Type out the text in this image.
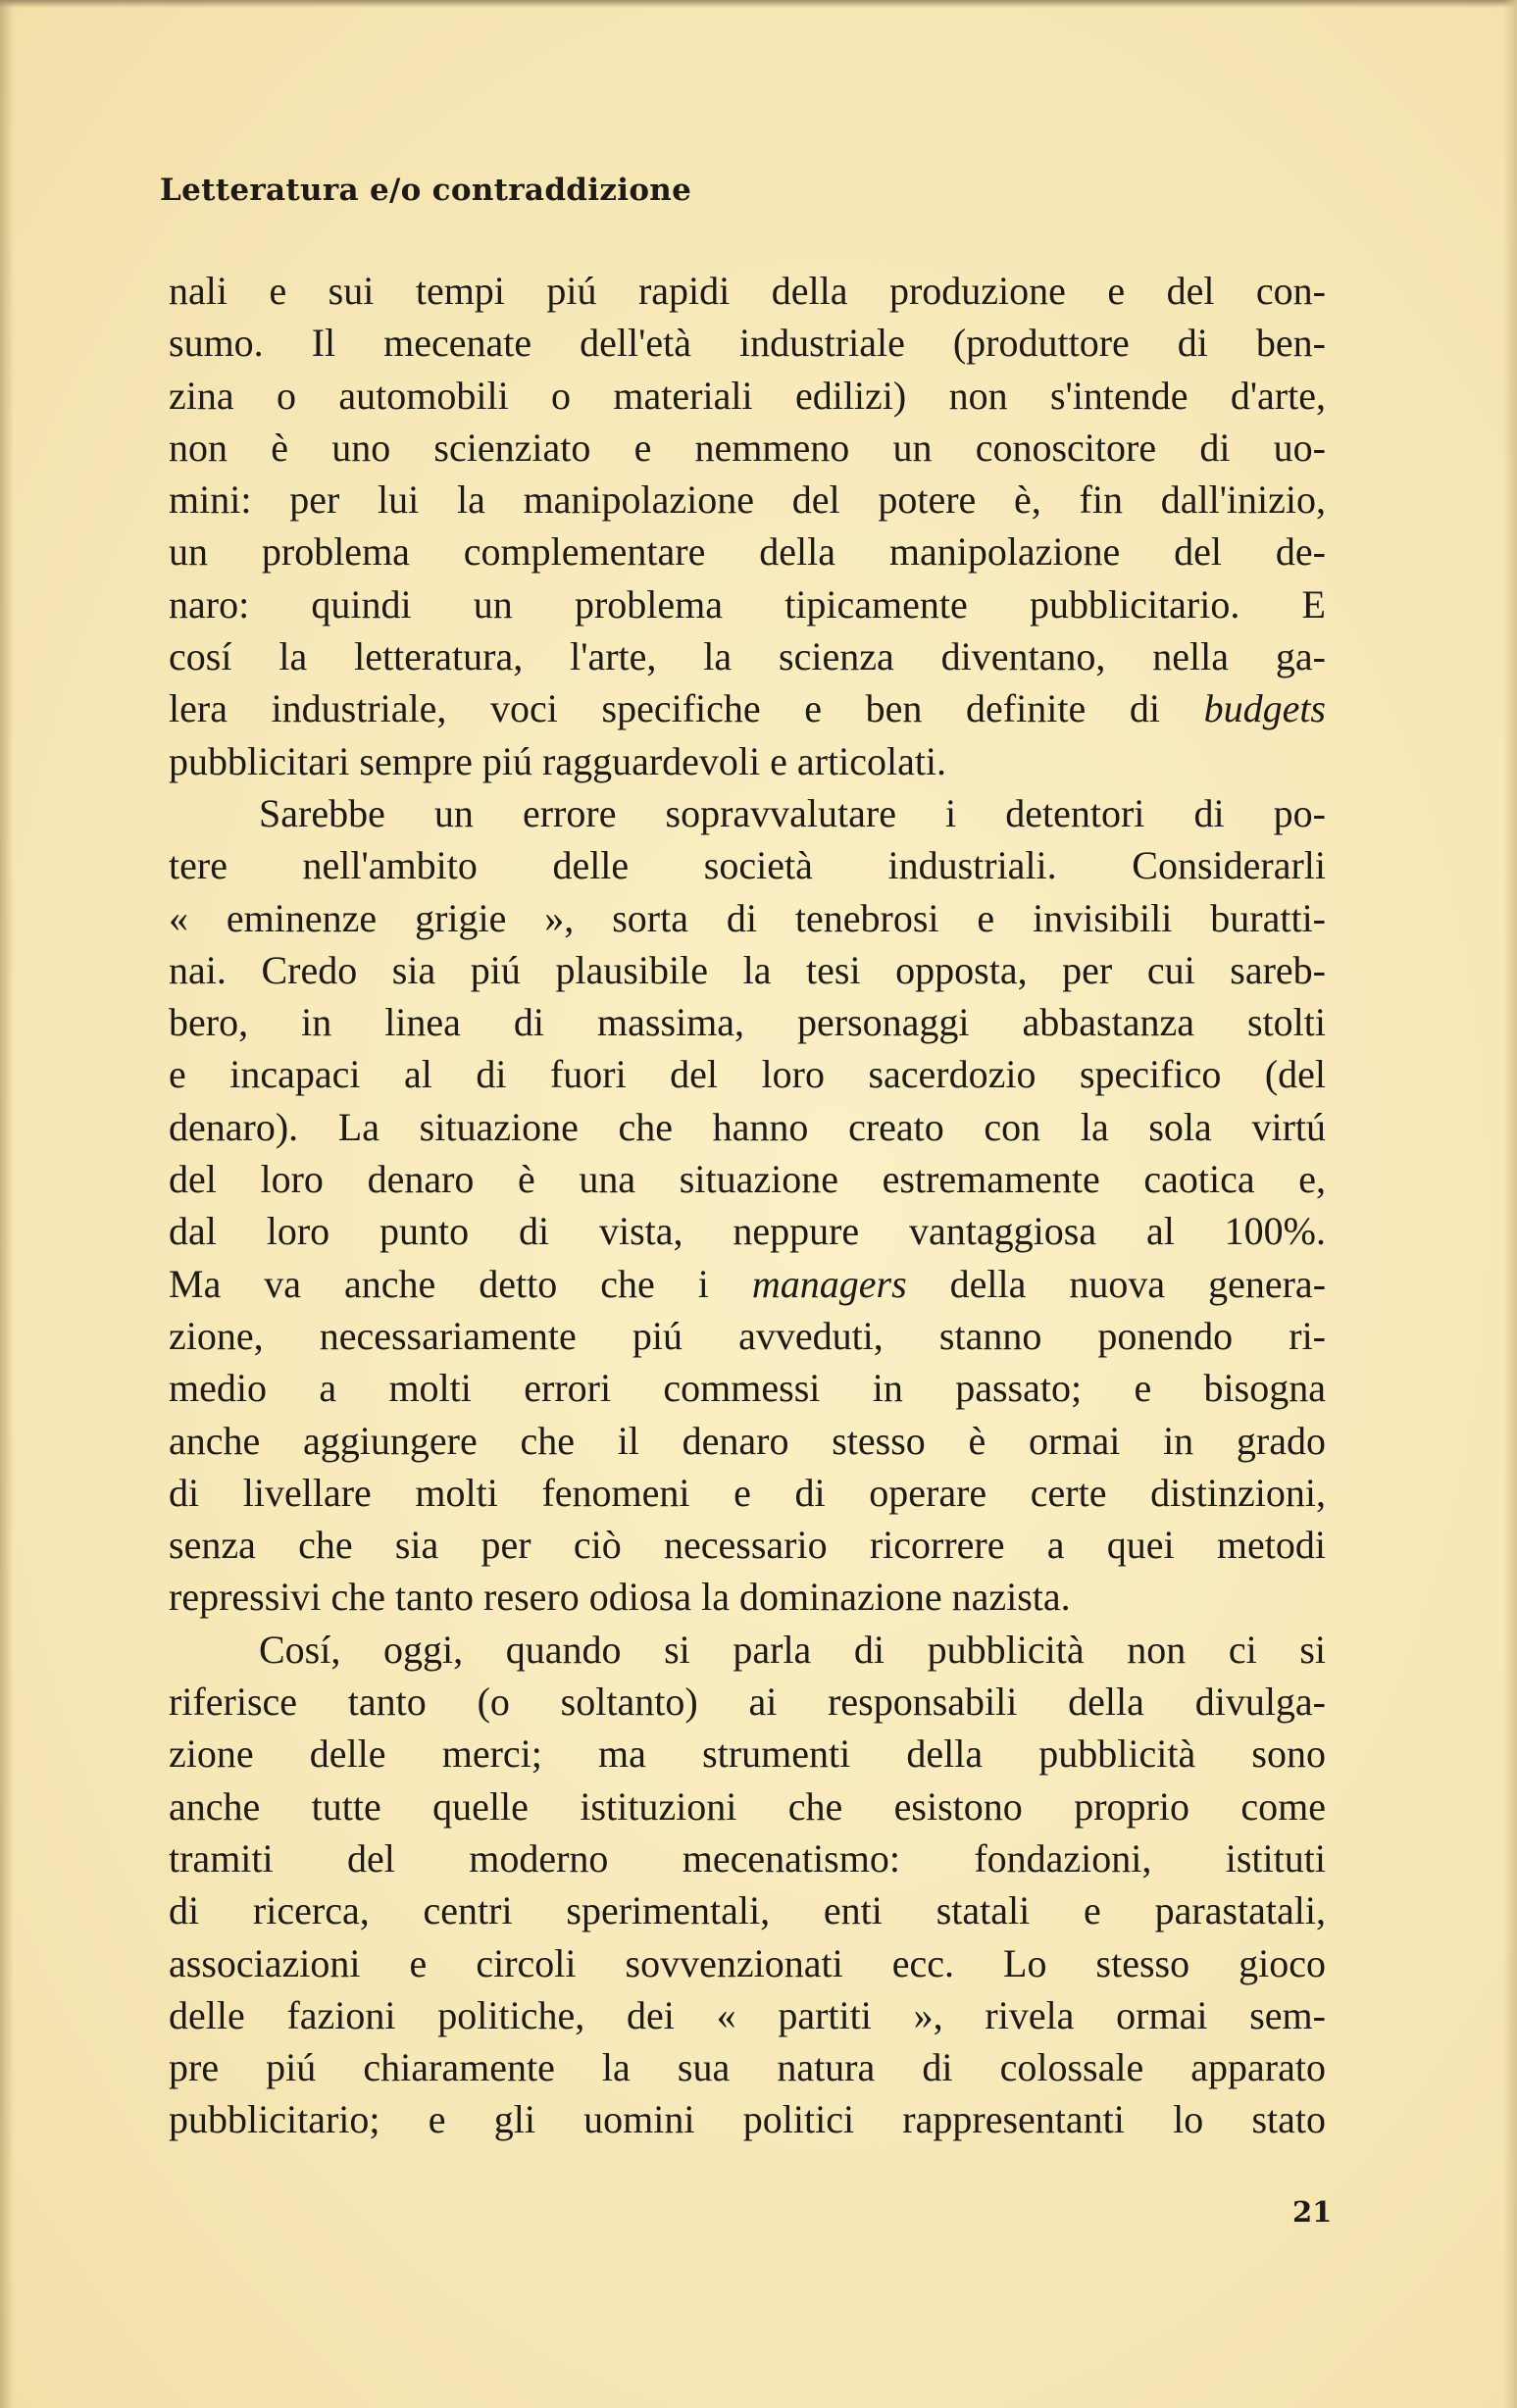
Letteratura e/o contraddizione
nali e sui tempi piú rapidi della produzione e del con-
sumo. Il mecenate dell'età industriale (produttore di ben-
zina o automobili o materiali edilizi) non s'intende d'arte,
non è uno scienziato e nemmeno un conoscitore di uo-
mini: per lui la manipolazione del potere è, fin dall'inizio,
un problema complementare della manipolazione del de-
naro: quindi un problema tipicamente pubblicitario. E
cosí la letteratura, l'arte, la scienza diventano, nella ga-
lera industriale, voci specifiche e ben definite di budgets
pubblicitari sempre piú ragguardevoli e articolati.
Sarebbe un errore sopravvalutare i detentori di po-
tere nell'ambito delle società industriali. Considerarli
« eminenze grigie », sorta di tenebrosi e invisibili buratti-
nai. Credo sia piú plausibile la tesi opposta, per cui sareb-
bero, in linea di massima, personaggi abbastanza stolti
e incapaci al di fuori del loro sacerdozio specifico (del
denaro). La situazione che hanno creato con la sola virtú
del loro denaro è una situazione estremamente caotica e,
dal loro punto di vista, neppure vantaggiosa al 100%.
Ma va anche detto che i managers della nuova genera-
zione, necessariamente piú avveduti, stanno ponendo ri-
medio a molti errori commessi in passato; e bisogna
anche aggiungere che il denaro stesso è ormai in grado
di livellare molti fenomeni e di operare certe distinzioni,
senza che sia per ciò necessario ricorrere a quei metodi
repressivi che tanto resero odiosa la dominazione nazista.
Cosí, oggi, quando si parla di pubblicità non ci si
riferisce tanto (o soltanto) ai responsabili della divulga-
zione delle merci; ma strumenti della pubblicità sono
anche tutte quelle istituzioni che esistono proprio come
tramiti del moderno mecenatismo: fondazioni, istituti
di ricerca, centri sperimentali, enti statali e parastatali,
associazioni e circoli sovvenzionati ecc. Lo stesso gioco
delle fazioni politiche, dei « partiti », rivela ormai sem-
pre piú chiaramente la sua natura di colossale apparato
pubblicitario; e gli uomini politici rappresentanti lo stato
21
